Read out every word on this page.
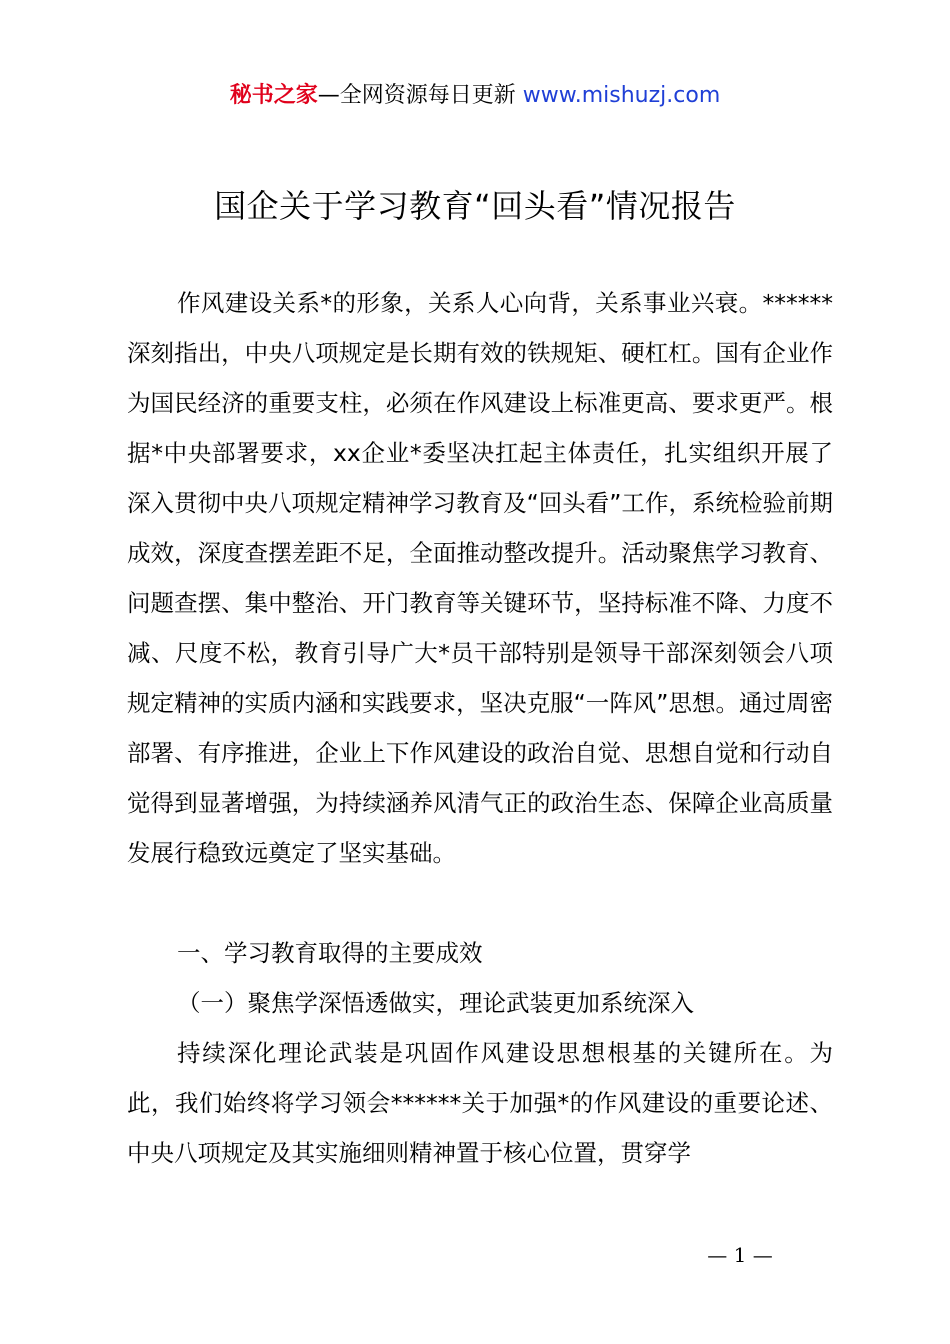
秘书之家—全网资源每日更新 www.mishuzj.com
国企关于学习教育“回头看”情况报告

作风建设关系*的形象，关系人心向背，关系事业兴衰。******深刻指出，中央八项规定是长期有效的铁规矩、硬杠杠。国有企业作为国民经济的重要支柱，必须在作风建设上标准更高、要求更严。根据*中央部署要求，xx企业*委坚决扛起主体责任，扎实组织开展了深入贯彻中央八项规定精神学习教育及“回头看”工作，系统检验前期成效，深度查摆差距不足，全面推动整改提升。活动聚焦学习教育、问题查摆、集中整治、开门教育等关键环节，坚持标准不降、力度不减、尺度不松，教育引导广大*员干部特别是领导干部深刻领会八项规定精神的实质内涵和实践要求，坚决克服“一阵风”思想。通过周密部署、有序推进，企业上下作风建设的政治自觉、思想自觉和行动自觉得到显著增强，为持续涵养风清气正的政治生态、保障企业高质量发展行稳致远奠定了坚实基础。

一、学习教育取得的主要成效

（一）聚焦学深悟透做实，理论武装更加系统深入

持续深化理论武装是巩固作风建设思想根基的关键所在。为此，我们始终将学习领会******关于加强*的作风建设的重要论述、中央八项规定及其实施细则精神置于核心位置，贯穿学

— 1 —
